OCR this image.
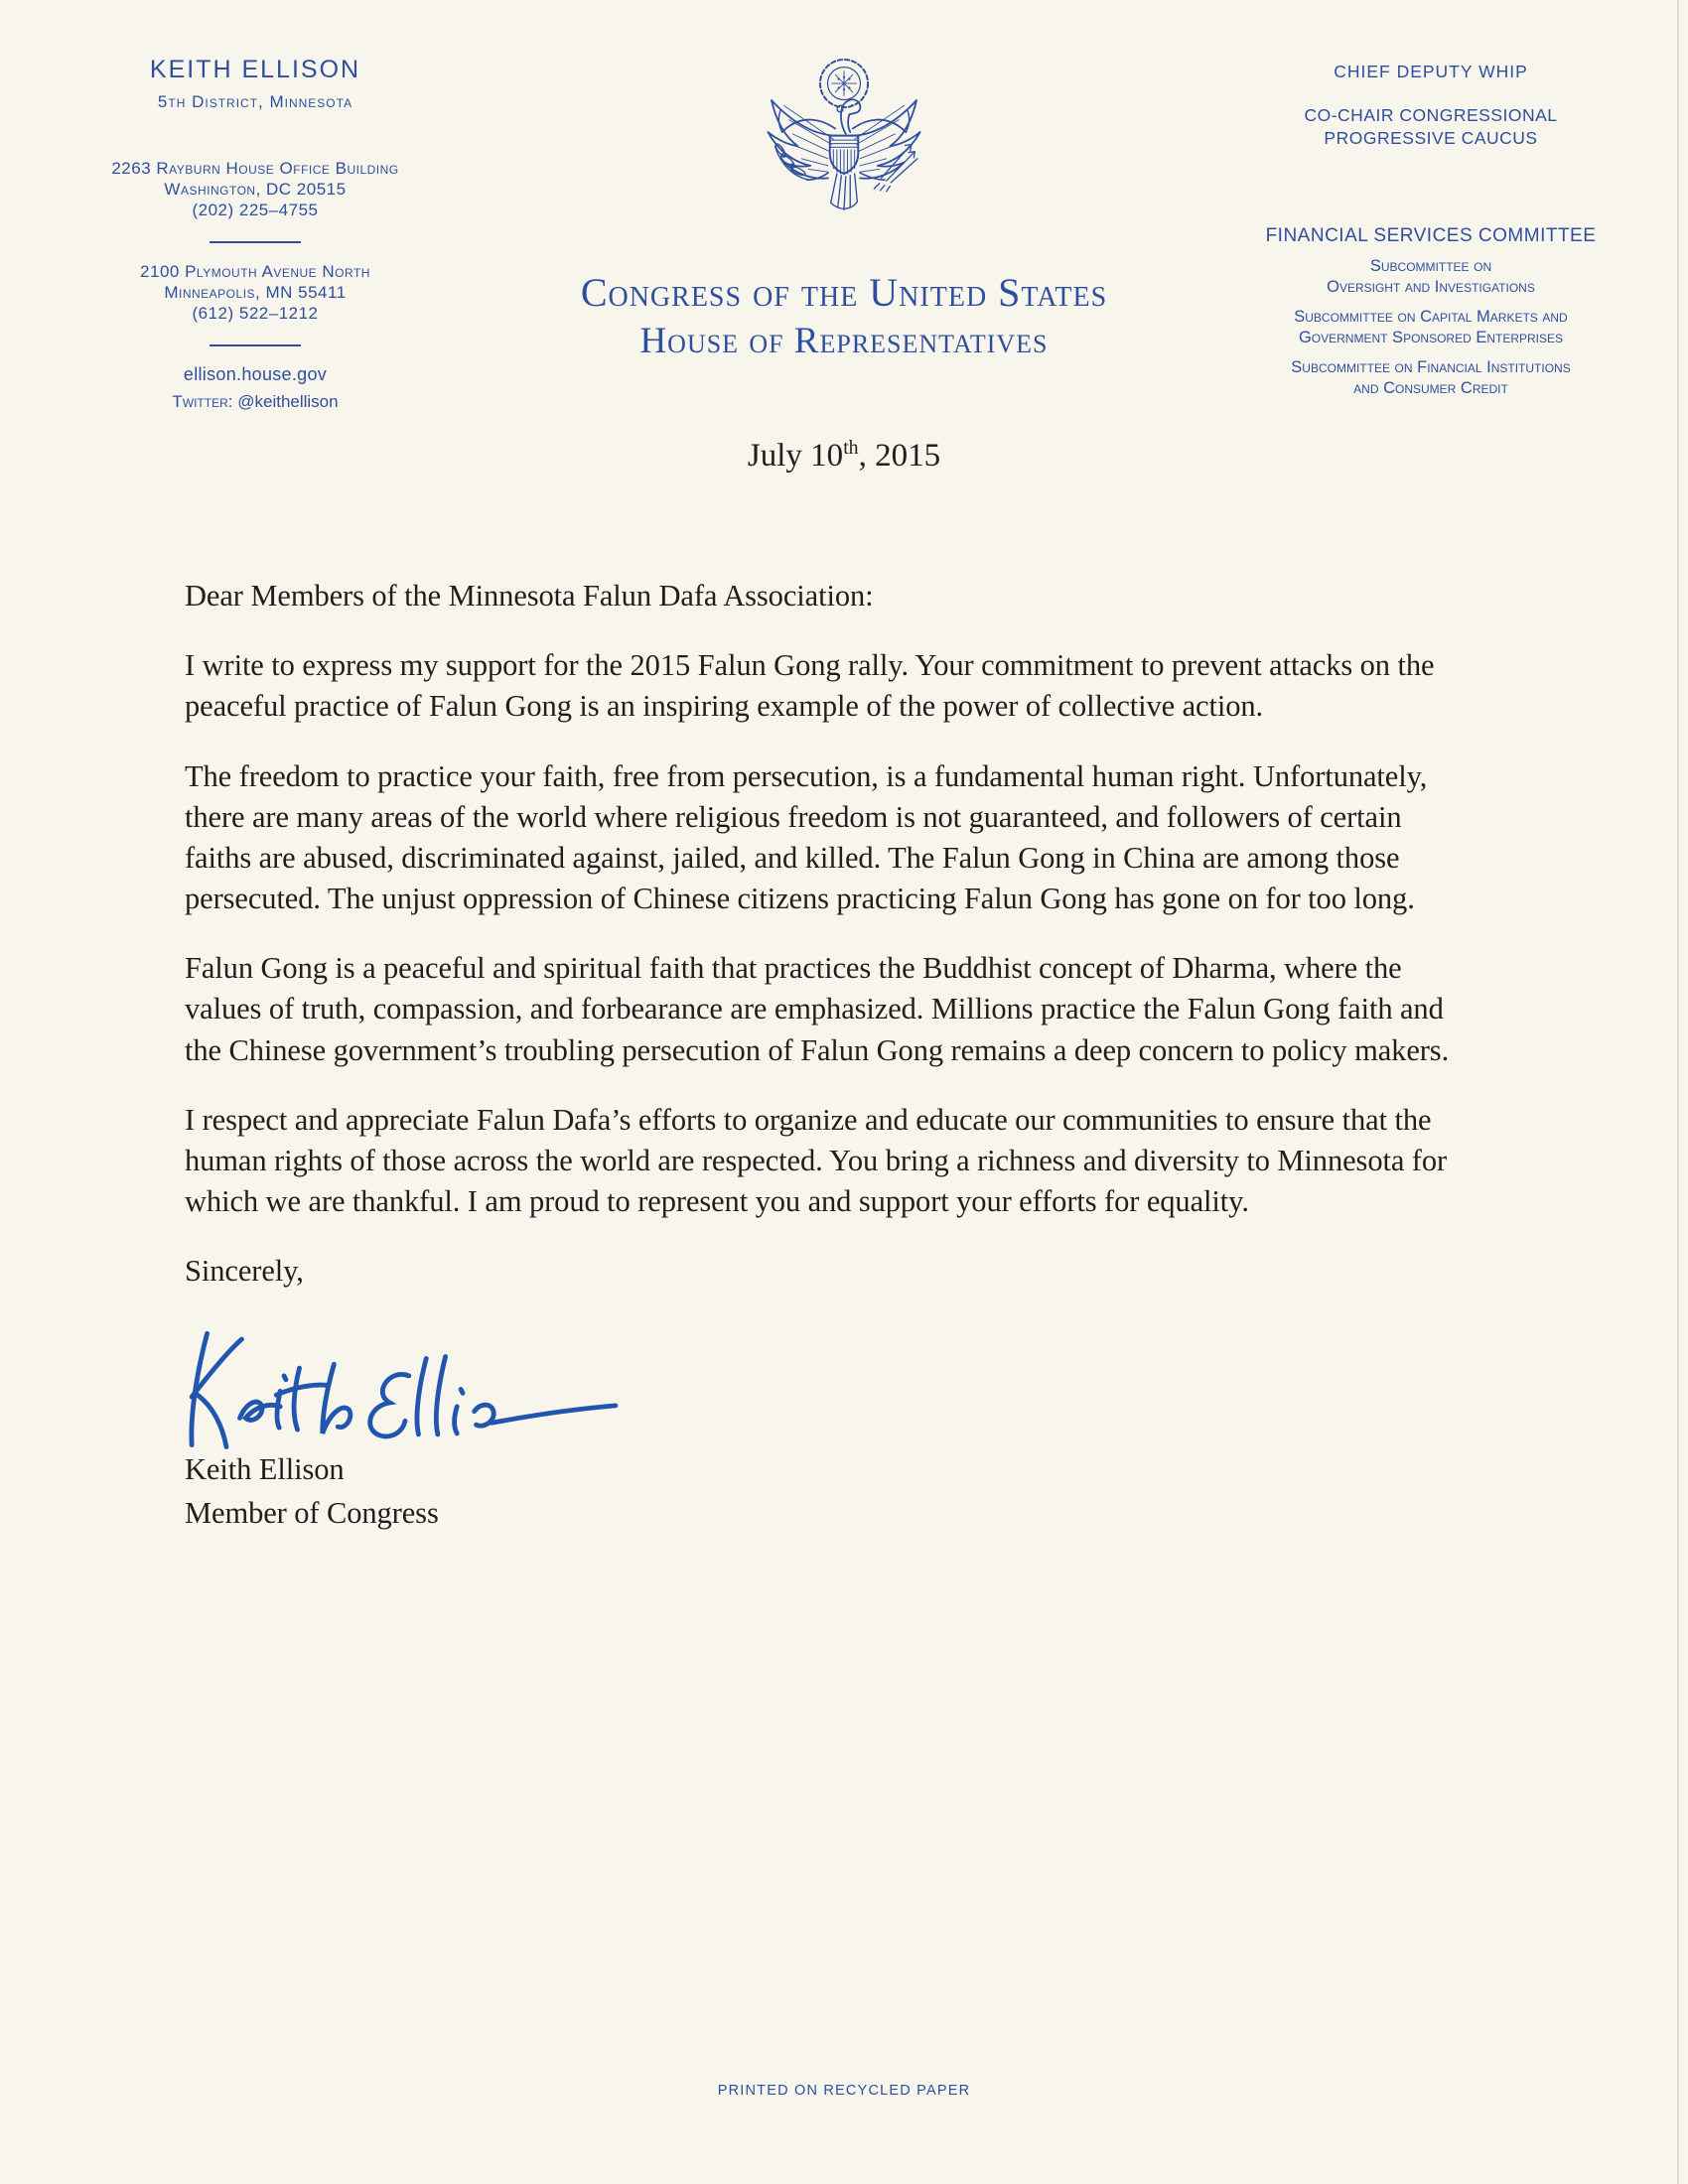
KEITH ELLISON
5th District, Minnesota
2263 Rayburn House Office Building
Washington, DC 20515
(202) 225–4755
2100 Plymouth Avenue North
Minneapolis, MN 55411
(612) 522–1212
ellison.house.gov
Twitter: @keithellison
Congress of the United States
House of Representatives
CHIEF DEPUTY WHIP
CO-CHAIR CONGRESSIONAL
PROGRESSIVE CAUCUS
FINANCIAL SERVICES COMMITTEE
Subcommittee on
Oversight and Investigations
Subcommittee on Capital Markets and
Government Sponsored Enterprises
Subcommittee on Financial Institutions
and Consumer Credit
July 10th, 2015

Dear Members of the Minnesota Falun Dafa Association:

I write to express my support for the 2015 Falun Gong rally. Your commitment to prevent attacks on the peaceful practice of Falun Gong is an inspiring example of the power of collective action.

The freedom to practice your faith, free from persecution, is a fundamental human right. Unfortunately, there are many areas of the world where religious freedom is not guaranteed, and followers of certain faiths are abused, discriminated against, jailed, and killed. The Falun Gong in China are among those persecuted. The unjust oppression of Chinese citizens practicing Falun Gong has gone on for too long.

Falun Gong is a peaceful and spiritual faith that practices the Buddhist concept of Dharma, where the values of truth, compassion, and forbearance are emphasized. Millions practice the Falun Gong faith and the Chinese government’s troubling persecution of Falun Gong remains a deep concern to policy makers.

I respect and appreciate Falun Dafa’s efforts to organize and educate our communities to ensure that the human rights of those across the world are respected. You bring a richness and diversity to Minnesota for which we are thankful. I am proud to represent you and support your efforts for equality.

Sincerely,

Keith Ellison
Member of Congress
PRINTED ON RECYCLED PAPER
